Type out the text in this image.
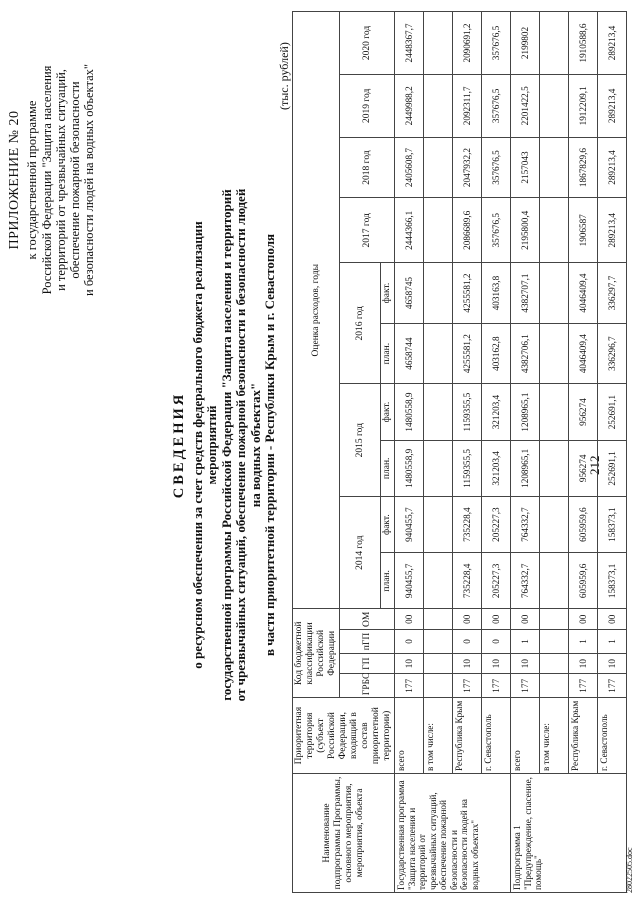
212
ПРИЛОЖЕНИЕ № 20 к государственной программе Российской Федерации "Защита населения и территорий от чрезвычайных ситуаций, обеспечение пожарной безопасности и безопасности людей на водных объектах"
СВЕДЕНИЯ о ресурсном обеспечении за счет средств федерального бюджета реализации мероприятий государственной программы Российской Федерации "Защита населения и территорий от чрезвычайных ситуаций, обеспечение пожарной безопасности и безопасности людей на водных объектах" в части приоритетной территории - Республики Крым и г. Севастополя
(тыс. рублей)
Наименование подпрограммы Программы, основного мероприятия, мероприятия, объекта	Приоритетная территория (субъект Российской Федерации, входящий в состав приоритетной территории)	Код бюджетной классификации Российской Федерации				Оценка расходов, годы									
		ГРБС	ГП	пГП	ОМ	2014 год		2015 год		2016 год		2017 год	2018 год	2019 год	2020 год
						план.	факт.	план.	факт.	план.	факт.				
Государственная программа "Защита населения и территорий от чрезвычайных ситуаций, обеспечение пожарной безопасности и безопасности людей на водных объектах"	всего	177	10	0	00	940455,7	940455,7	1480558,9	1480558,9	4658744	4658745	2444366,1	2405608,7	2449988,2	2448367,7
	в том числе:														
	Республика Крым	177	10	0	00	735228,4	735228,4	1159355,5	1159355,5	4255581,2	4255581,2	2086689,6	2047932,2	2092311,7	2090691,2
	г. Севастополь	177	10	0	00	205227,3	205227,3	321203,4	321203,4	403162,8	403163,8	357676,5	357676,5	357676,5	357676,5
Подпрограмма 1 "Предупреждение, спасение, помощь"	всего	177	10	1	00	764332,7	764332,7	1208965,1	1208965,1	4382706,1	4382707,1	2195800,4	2157043	2201422,5	2199802
	в том числе:														
	Республика Крым	177	10	1	00	605959,6	605959,6	956274	956274	4046409,4	4046409,4	1906587	1867829,6	1912209,1	1910588,6
	г. Севастополь	177	10	1	00	158373,1	158373,1	252691,1	252691,1	336296,7	336297,7	289213,4	289213,4	289213,4	289213,4
28022505.doc
